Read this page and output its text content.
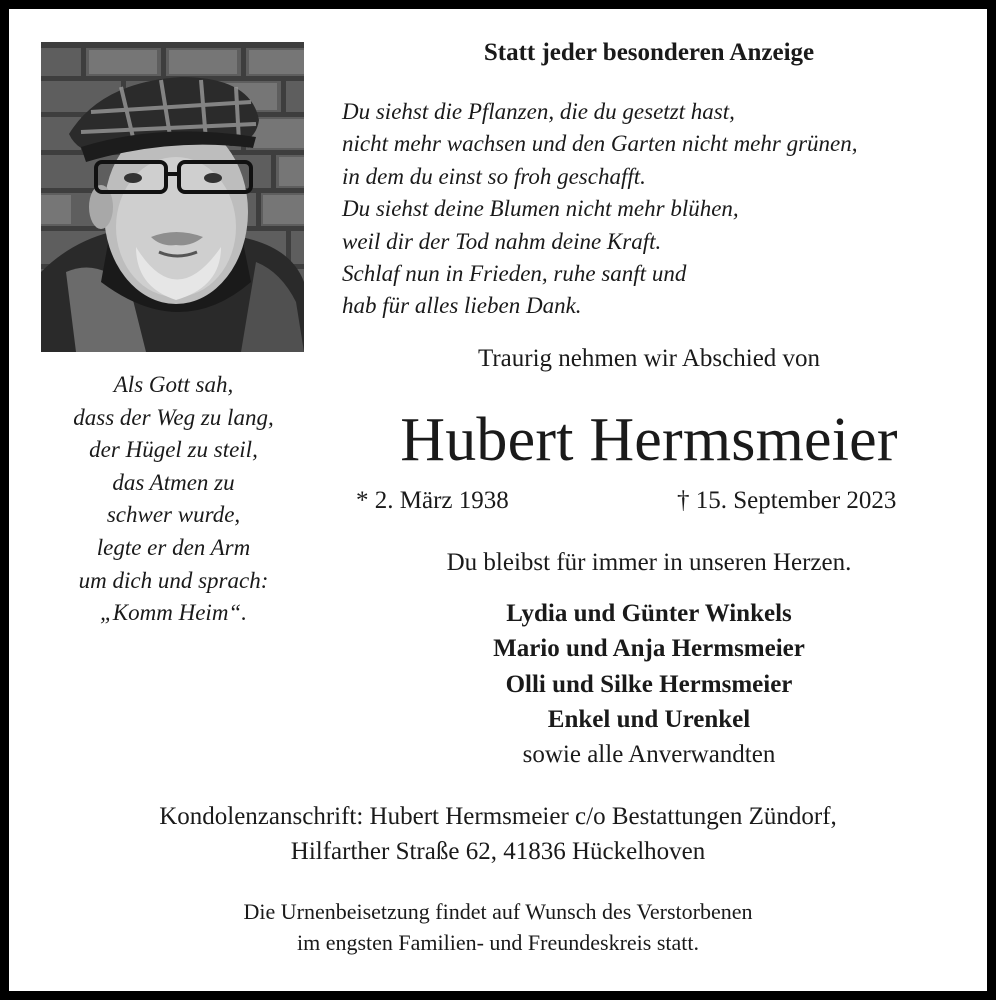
Statt jeder besonderen Anzeige
Du siehst die Pflanzen, die du gesetzt hast,
nicht mehr wachsen und den Garten nicht mehr grünen,
in dem du einst so froh geschafft.
Du siehst deine Blumen nicht mehr blühen,
weil dir der Tod nahm deine Kraft.
Schlaf nun in Frieden, ruhe sanft und
hab für alles lieben Dank.
Traurig nehmen wir Abschied von
Hubert Hermsmeier
* 2. März 1938	† 15. September 2023
Du bleibst für immer in unseren Herzen.
Lydia und Günter Winkels
Mario und Anja Hermsmeier
Olli und Silke Hermsmeier
Enkel und Urenkel
sowie alle Anverwandten
Als Gott sah,
dass der Weg zu lang,
der Hügel zu steil,
das Atmen zu
schwer wurde,
legte er den Arm
um dich und sprach:
„Komm Heim“.
Kondolenzanschrift: Hubert Hermsmeier c/o Bestattungen Zündorf,
Hilfarther Straße 62, 41836 Hückelhoven
Die Urnenbeisetzung findet auf Wunsch des Verstorbenen
im engsten Familien- und Freundeskreis statt.
